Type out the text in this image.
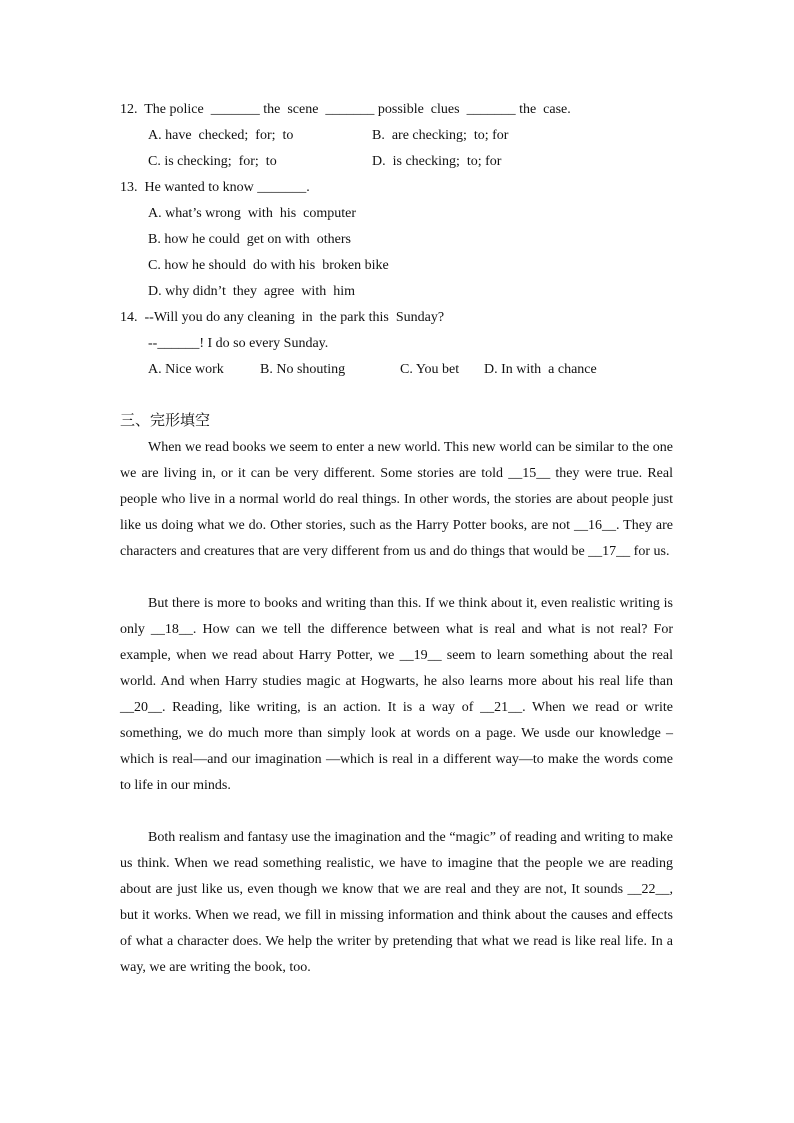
12.  The police  _______ the  scene  _______ possible  clues  _______ the  case.
A. have  checked;  for;  to	B.  are checking;  to; for
C. is checking;  for;  to	D.  is checking;  to; for
13.  He wanted to know _______.
A. what’s wrong  with  his  computer
B. how he could  get on with  others
C. how he should  do with his  broken bike
D. why didn’t  they  agree  with  him
14.  --Will you do any cleaning  in  the park this  Sunday?
--______! I do so every Sunday.
A. Nice work	B. No shouting	C. You bet D. In with  a chance
三、完形填空

When we read books we seem to enter a new world. This new world can be similar to the one we are living in, or it can be very different. Some stories are told __15__ they were true. Real people who live in a normal world do real things. In other words, the stories are about people just like us doing what we do. Other stories, such as the Harry Potter books, are not __16__. They are characters and creatures that are very different from us and do things that would be __17__ for us.

But there is more to books and writing than this. If we think about it, even realistic writing is only __18__. How can we tell the difference between what is real and what is not real? For example, when we read about Harry Potter, we __19__ seem to learn something about the real world. And when Harry studies magic at Hogwarts, he also learns more about his real life than __20__. Reading, like writing, is an action. It is a way of __21__. When we read or write something, we do much more than simply look at words on a page. We usde our knowledge –which is real—and our imagination —which is real in a different way—to make the words come to life in our minds.

Both realism and fantasy use the imagination and the “magic” of reading and writing to make us think. When we read something realistic, we have to imagine that the people we are reading about are just like us, even though we know that we are real and they are not, It sounds __22__, but it works. When we read, we fill in missing information and think about the causes and effects of what a character does. We help the writer by pretending that what we read is like real life. In a way, we are writing the book, too.
